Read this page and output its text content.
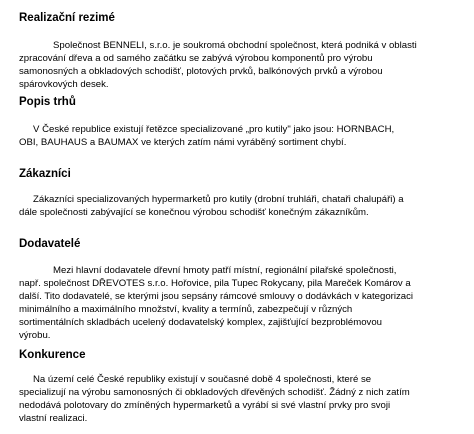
Realizační rezimé

Společnost BENNELI, s.r.o. je soukromá obchodní společnost, která podniká v oblasti
zpracování dřeva a od samého začátku se zabývá výrobou komponentů pro výrobu
samonosných a obkladových schodišť, plotových prvků, balkónových prvků a výrobou
spárovkových desek.

Popis trhů

V České republice existují řetězce specializované „pro kutily" jako jsou: HORNBACH,
OBI, BAUHAUS a BAUMAX ve kterých zatím námi vyráběný sortiment chybí.

Zákazníci

Zákazníci specializovaných hypermarketů pro kutily (drobní truhláři, chataři chalupáři) a
dále společnosti zabývající se konečnou výrobou schodišť konečným zákazníkům.

Dodavatelé

Mezi hlavní dodavatele dřevní hmoty patří místní, regionální pilařské společnosti,
např. společnost DŘEVOTES s.r.o. Hořovice, pila Tupec Rokycany, pila Mareček Komárov a
další. Tito dodavatelé, se kterými jsou sepsány rámcové smlouvy o dodávkách v kategorizaci
minimálního a maximálního množství, kvality a termínů, zabezpečují v různých
sortimentálních skladbách ucelený dodavatelský komplex, zajišťující bezproblémovou
výrobu.

Konkurence

Na území celé České republiky existují v současné době 4 společnosti, které se
specializují na výrobu samonosných či obkladových dřevěných schodišť. Žádný z nich zatím
nedodává polotovary do zmíněných hypermarketů a vyrábí si své vlastní prvky pro svoji
vlastní realizaci.
